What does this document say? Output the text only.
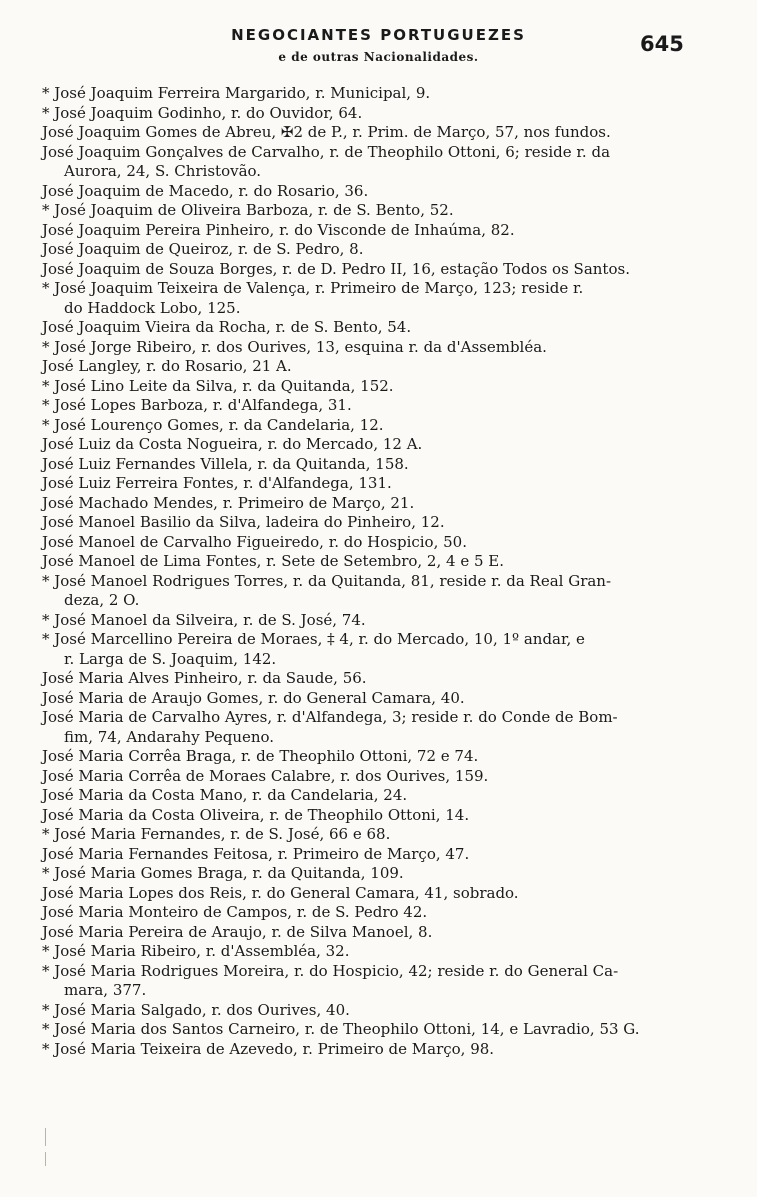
NEGOCIANTES PORTUGUEZES
e de outras Nacionalidades.
645
* José Joaquim Ferreira Margarido, r. Municipal, 9.
* José Joaquim Godinho, r. do Ouvidor, 64.
José Joaquim Gomes de Abreu, ✠2 de P., r. Prim. de Março, 57, nos fundos.
José Joaquim Gonçalves de Carvalho, r. de Theophilo Ottoni, 6; reside r. da
Aurora, 24, S. Christovão.
José Joaquim de Macedo, r. do Rosario, 36.
* José Joaquim de Oliveira Barboza, r. de S. Bento, 52.
José Joaquim Pereira Pinheiro, r. do Visconde de Inhaúma, 82.
José Joaquim de Queiroz, r. de S. Pedro, 8.
José Joaquim de Souza Borges, r. de D. Pedro II, 16, estação Todos os Santos.
* José Joaquim Teixeira de Valença, r. Primeiro de Março, 123; reside r.
do Haddock Lobo, 125.
José Joaquim Vieira da Rocha, r. de S. Bento, 54.
* José Jorge Ribeiro, r. dos Ourives, 13, esquina r. da d'Assembléa.
José Langley, r. do Rosario, 21 A.
* José Lino Leite da Silva, r. da Quitanda, 152.
* José Lopes Barboza, r. d'Alfandega, 31.
* José Lourenço Gomes, r. da Candelaria, 12.
José Luiz da Costa Nogueira, r. do Mercado, 12 A.
José Luiz Fernandes Villela, r. da Quitanda, 158.
José Luiz Ferreira Fontes, r. d'Alfandega, 131.
José Machado Mendes, r. Primeiro de Março, 21.
José Manoel Basilio da Silva, ladeira do Pinheiro, 12.
José Manoel de Carvalho Figueiredo, r. do Hospicio, 50.
José Manoel de Lima Fontes, r. Sete de Setembro, 2, 4 e 5 E.
* José Manoel Rodrigues Torres, r. da Quitanda, 81, reside r. da Real Gran-
deza, 2 O.
* José Manoel da Silveira, r. de S. José, 74.
* José Marcellino Pereira de Moraes, ‡ 4, r. do Mercado, 10, 1º andar, e
r. Larga de S. Joaquim, 142.
José Maria Alves Pinheiro, r. da Saude, 56.
José Maria de Araujo Gomes, r. do General Camara, 40.
José Maria de Carvalho Ayres, r. d'Alfandega, 3; reside r. do Conde de Bom-
fim, 74, Andarahy Pequeno.
José Maria Corrêa Braga, r. de Theophilo Ottoni, 72 e 74.
José Maria Corrêa de Moraes Calabre, r. dos Ourives, 159.
José Maria da Costa Mano, r. da Candelaria, 24.
José Maria da Costa Oliveira, r. de Theophilo Ottoni, 14.
* José Maria Fernandes, r. de S. José, 66 e 68.
José Maria Fernandes Feitosa, r. Primeiro de Março, 47.
* José Maria Gomes Braga, r. da Quitanda, 109.
José Maria Lopes dos Reis, r. do General Camara, 41, sobrado.
José Maria Monteiro de Campos, r. de S. Pedro 42.
José Maria Pereira de Araujo, r. de Silva Manoel, 8.
* José Maria Ribeiro, r. d'Assembléa, 32.
* José Maria Rodrigues Moreira, r. do Hospicio, 42; reside r. do General Ca-
mara, 377.
* José Maria Salgado, r. dos Ourives, 40.
* José Maria dos Santos Carneiro, r. de Theophilo Ottoni, 14, e Lavradio, 53 G.
* José Maria Teixeira de Azevedo, r. Primeiro de Março, 98.
